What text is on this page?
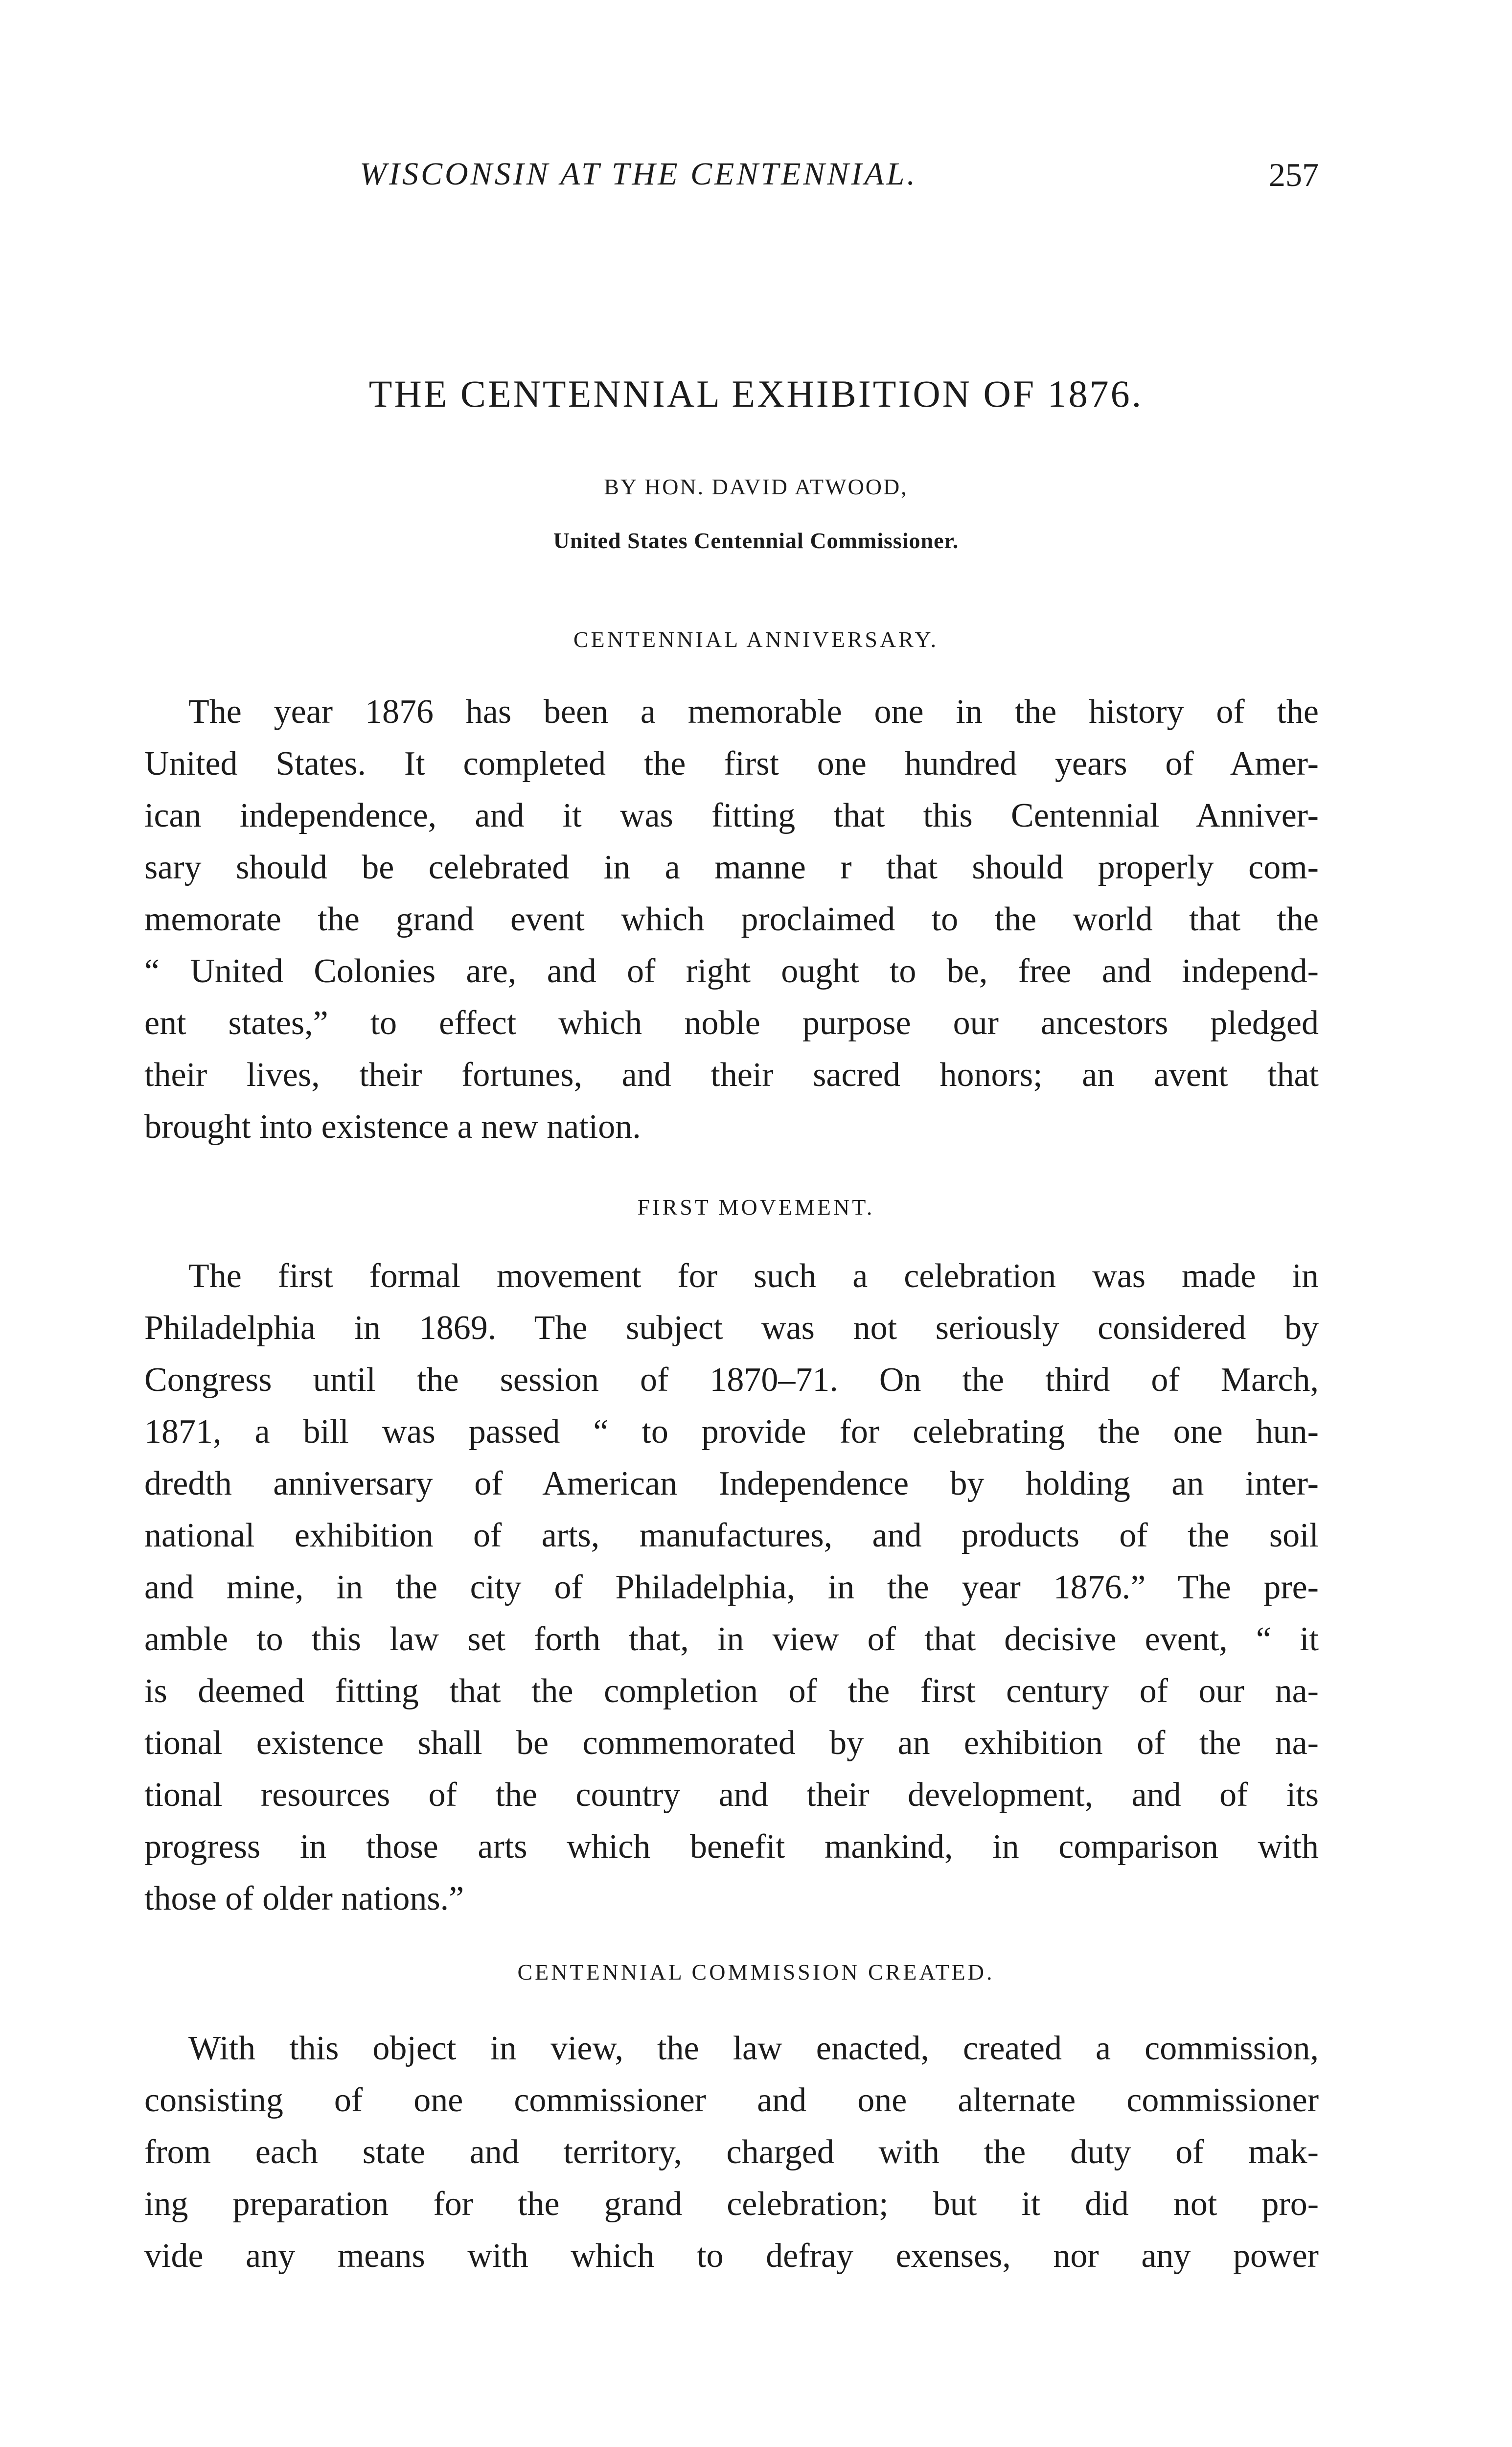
WISCONSIN AT THE CENTENNIAL.	257
THE CENTENNIAL EXHIBITION OF 1876.
BY HON. DAVID ATWOOD,
United States Centennial Commissioner.
CENTENNIAL ANNIVERSARY.
The year 1876 has been a memorable one in the history of the
United States. It completed the first one hundred years of Amer-
ican independence, and it was fitting that this Centennial Anniver-
sary should be celebrated in a manne r that should properly com-
memorate the grand event which proclaimed to the world that the
“ United Colonies are, and of right ought to be, free and independ-
ent states,” to effect which noble purpose our ancestors pledged
their lives, their fortunes, and their sacred honors; an avent that
brought into existence a new nation.
FIRST MOVEMENT.
The first formal movement for such a celebration was made in
Philadelphia in 1869. The subject was not seriously considered by
Congress until the session of 1870–71. On the third of March,
1871, a bill was passed “ to provide for celebrating the one hun-
dredth anniversary of American Independence by holding an inter-
national exhibition of arts, manufactures, and products of the soil
and mine, in the city of Philadelphia, in the year 1876.” The pre-
amble to this law set forth that, in view of that decisive event, “ it
is deemed fitting that the completion of the first century of our na-
tional existence shall be commemorated by an exhibition of the na-
tional resources of the country and their development, and of its
progress in those arts which benefit mankind, in comparison with
those of older nations.”
CENTENNIAL COMMISSION CREATED.
With this object in view, the law enacted, created a commission,
consisting of one commissioner and one alternate commissioner
from each state and territory, charged with the duty of mak-
ing preparation for the grand celebration; but it did not pro-
vide any means with which to defray exenses, nor any power
